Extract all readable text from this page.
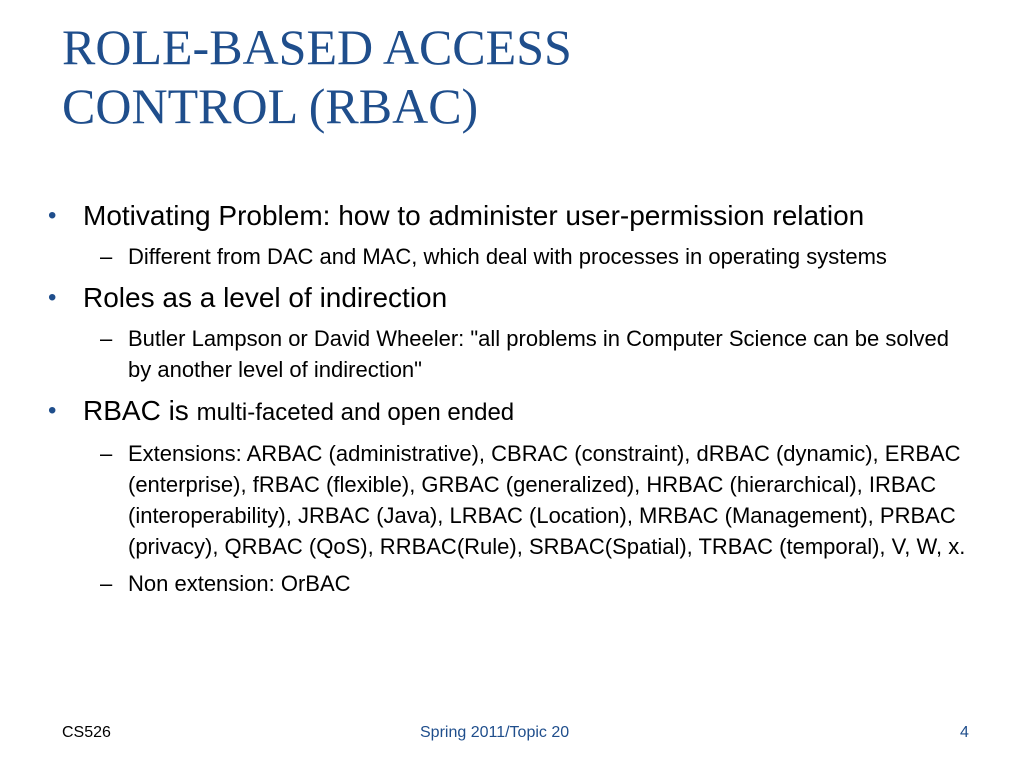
ROLE-BASED ACCESS
CONTROL (RBAC)
• Motivating Problem: how to administer user-permission relation
– Different from DAC and MAC, which deal with processes in operating systems
• Roles as a level of indirection
– Butler Lampson or David Wheeler: "all problems in Computer Science can be solved by another level of indirection"
• RBAC is multi-faceted and open ended
– Extensions: ARBAC (administrative), CBRAC (constraint), dRBAC (dynamic), ERBAC (enterprise), fRBAC (flexible), GRBAC (generalized), HRBAC (hierarchical), IRBAC (interoperability), JRBAC (Java), LRBAC (Location), MRBAC (Management), PRBAC (privacy), QRBAC (QoS), RRBAC(Rule), SRBAC(Spatial), TRBAC (temporal), V, W, x.
– Non extension: OrBAC
CS526	Spring 2011/Topic 20	4
